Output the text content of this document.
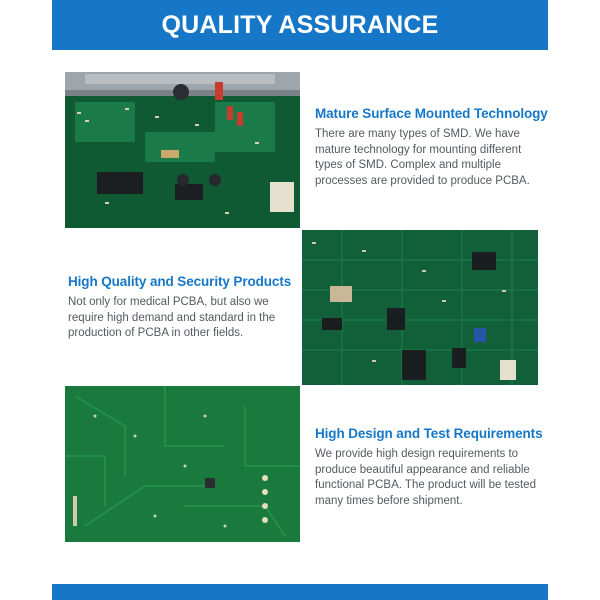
QUALITY ASSURANCE
Mature Surface Mounted Technology

There are many types of SMD. We have mature technology for mounting different types of SMD. Complex and multiple processes are provided to produce PCBA.

High Quality and Security Products

Not only for medical PCBA, but also we require high demand and standard in the production of PCBA in other fields.

High Design and Test Requirements

We provide high design requirements to produce beautiful appearance and reliable functional PCBA. The product will be tested many times before shipment.
